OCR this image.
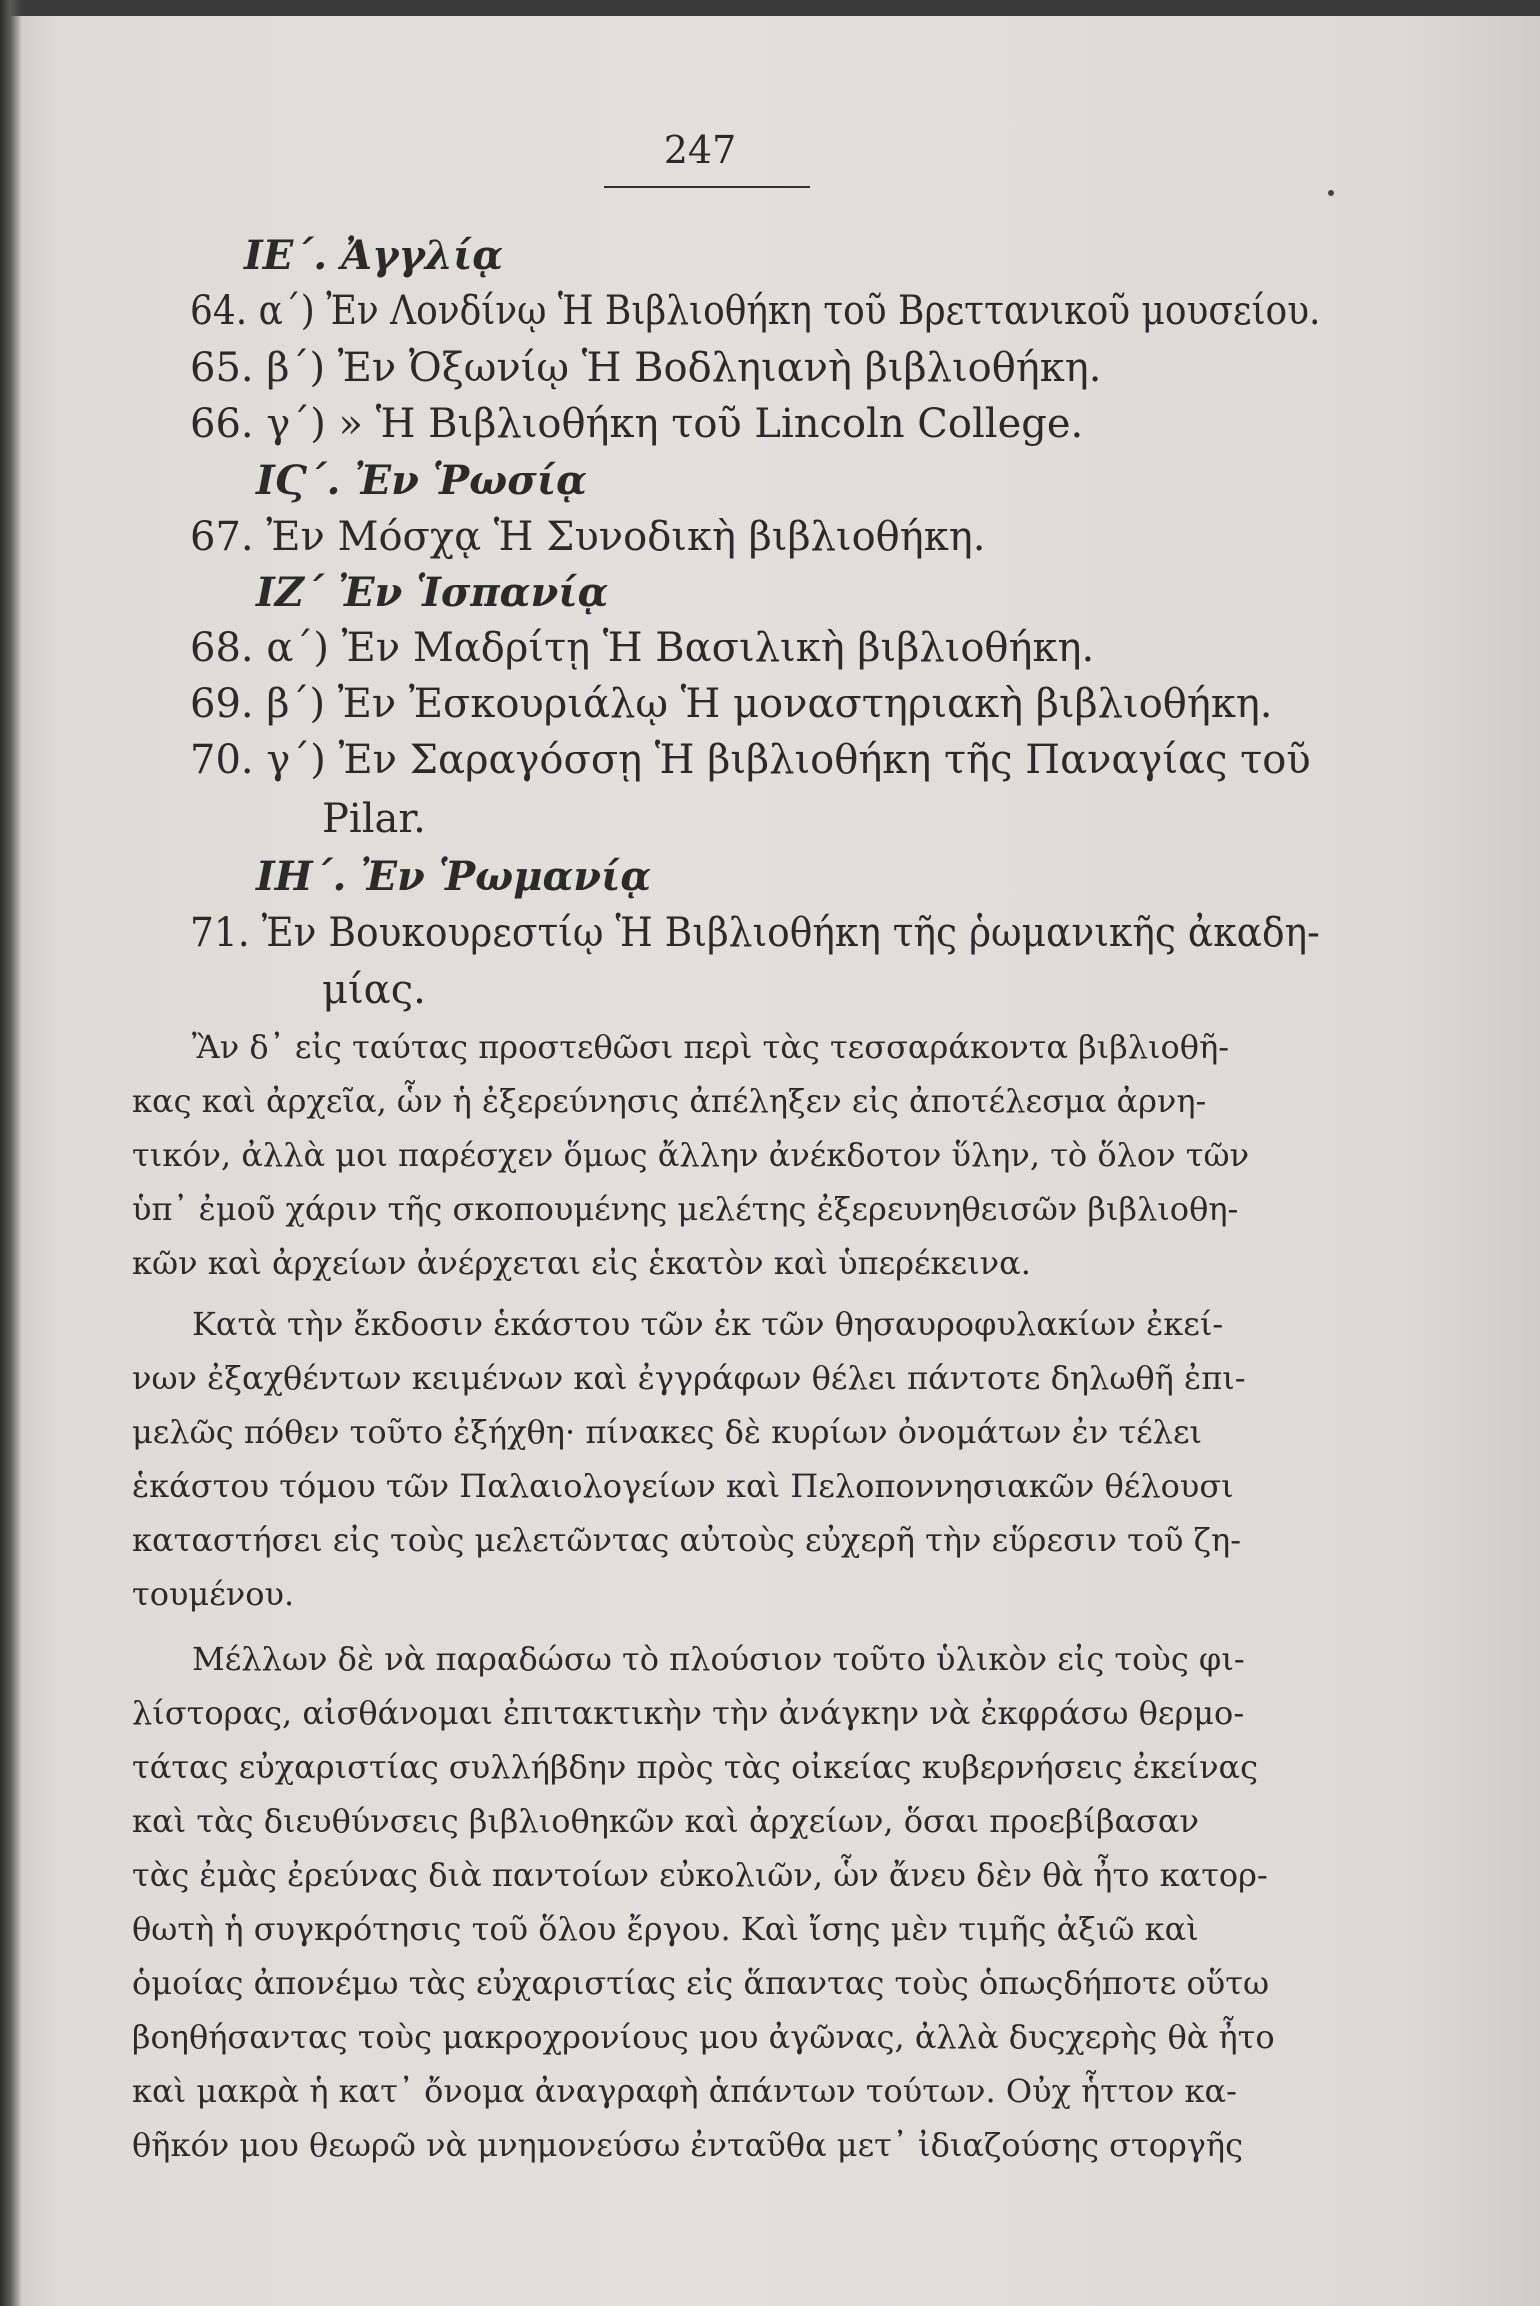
247
ΙΕ΄. Ἀγγλίᾳ
64. α΄) Ἐν Λονδίνῳ Ἡ Βιβλιοθήκη τοῦ Βρεττανικοῦ μουσείου.
65. β΄) Ἐν Ὀξωνίῳ Ἡ Βοδληιανὴ βιβλιοθήκη.
66. γ΄) » Ἡ Βιβλιοθήκη τοῦ Lincoln College.
ΙϚ΄. Ἐν Ῥωσίᾳ
67. Ἐν Μόσχᾳ Ἡ Συνοδικὴ βιβλιοθήκη.
ΙΖ΄ Ἐν Ἱσπανίᾳ
68. α΄) Ἐν Μαδρίτῃ Ἡ Βασιλικὴ βιβλιοθήκη.
69. β΄) Ἐν Ἐσκουριάλῳ Ἡ μοναστηριακὴ βιβλιοθήκη.
70. γ΄) Ἐν Σαραγόσσῃ Ἡ βιβλιοθήκη τῆς Παναγίας τοῦ
Pilar.
ΙΗ΄. Ἐν Ῥωμανίᾳ
71. Ἐν Βουκουρεστίῳ Ἡ Βιβλιοθήκη τῆς ῥωμανικῆς ἀκαδη-
μίας.
Ἂν δ᾽ εἰς ταύτας προστεθῶσι περὶ τὰς τεσσαράκοντα βιβλιοθῆ-
κας καὶ ἀρχεῖα, ὧν ἡ ἐξερεύνησις ἀπέληξεν εἰς ἀποτέλεσμα ἀρνη-
τικόν, ἀλλὰ μοι παρέσχεν ὅμως ἄλλην ἀνέκδοτον ὕλην, τὸ ὅλον τῶν
ὑπ᾽ ἐμοῦ χάριν τῆς σκοπουμένης μελέτης ἐξερευνηθεισῶν βιβλιοθη-
κῶν καὶ ἀρχείων ἀνέρχεται εἰς ἑκατὸν καὶ ὑπερέκεινα.
Κατὰ τὴν ἔκδοσιν ἑκάστου τῶν ἐκ τῶν θησαυροφυλακίων ἐκεί-
νων ἐξαχθέντων κειμένων καὶ ἐγγράφων θέλει πάντοτε δηλωθῆ ἐπι-
μελῶς πόθεν τοῦτο ἐξήχθη· πίνακες δὲ κυρίων ὀνομάτων ἐν τέλει
ἑκάστου τόμου τῶν Παλαιολογείων καὶ Πελοποννησιακῶν θέλουσι
καταστήσει εἰς τοὺς μελετῶντας αὐτοὺς εὐχερῆ τὴν εὕρεσιν τοῦ ζη-
τουμένου.
Μέλλων δὲ νὰ παραδώσω τὸ πλούσιον τοῦτο ὑλικὸν εἰς τοὺς φι-
λίστορας, αἰσθάνομαι ἐπιτακτικὴν τὴν ἀνάγκην νὰ ἐκφράσω θερμο-
τάτας εὐχαριστίας συλλήβδην πρὸς τὰς οἰκείας κυβερνήσεις ἐκείνας
καὶ τὰς διευθύνσεις βιβλιοθηκῶν καὶ ἀρχείων, ὅσαι προεβίβασαν
τὰς ἐμὰς ἐρεύνας διὰ παντοίων εὐκολιῶν, ὧν ἄνευ δὲν θὰ ἦτο κατορ-
θωτὴ ἡ συγκρότησις τοῦ ὅλου ἔργου. Καὶ ἴσης μὲν τιμῆς ἀξιῶ καὶ
ὁμοίας ἀπονέμω τὰς εὐχαριστίας εἰς ἅπαντας τοὺς ὁπωςδήποτε οὕτω
βοηθήσαντας τοὺς μακροχρονίους μου ἀγῶνας, ἀλλὰ δυςχερὴς θὰ ἦτο
καὶ μακρὰ ἡ κατ᾽ ὄνομα ἀναγραφὴ ἁπάντων τούτων. Οὐχ ἧττον κα-
θῆκόν μου θεωρῶ νὰ μνημονεύσω ἐνταῦθα μετ᾽ ἰδιαζούσης στοργῆς
